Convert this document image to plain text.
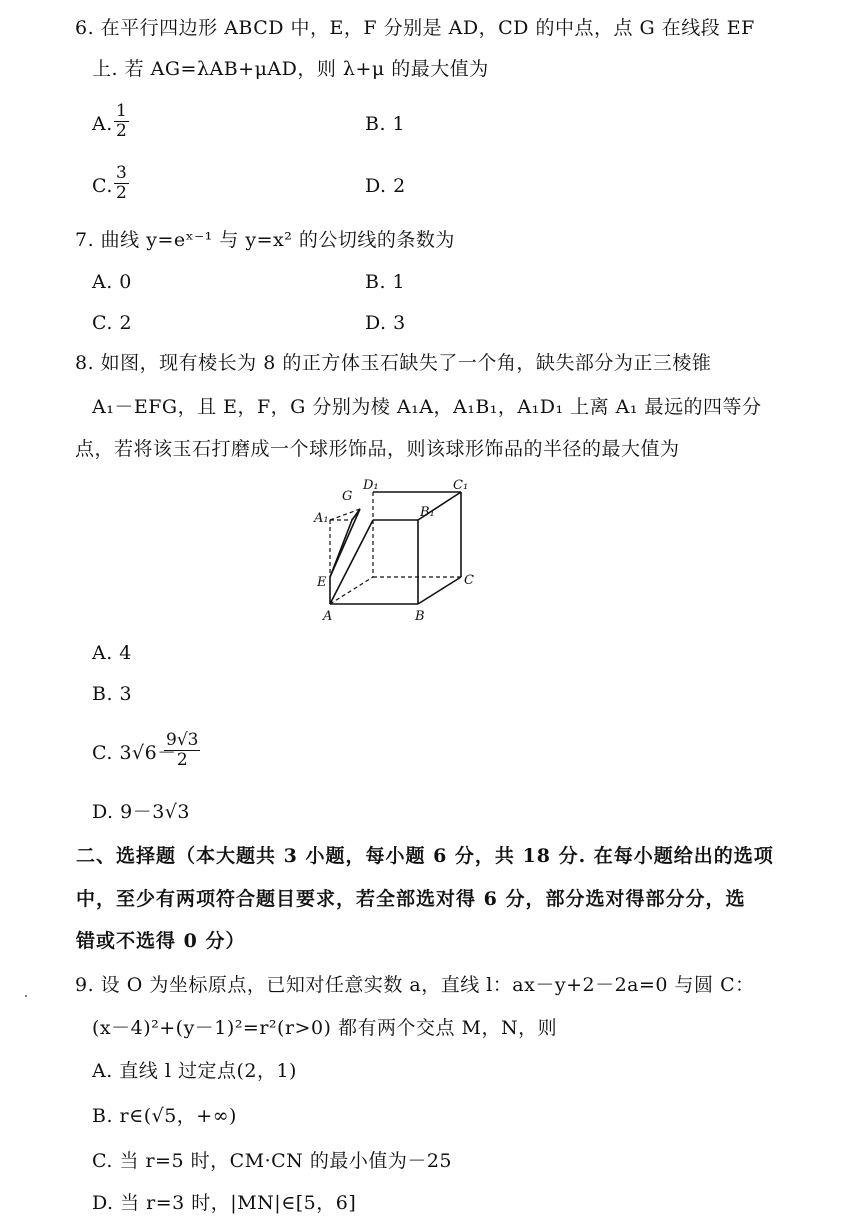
6. 在平行四边形 ABCD 中，E，F 分别是 AD，CD 的中点，点 G 在线段 EF
上. 若 AG=λAB+μAD，则 λ+μ 的最大值为
A. $\frac{1}{2}$	B. 1
C. $\frac{3}{2}$	D. 2
7. 曲线 y=eˣ⁻¹ 与 y=x² 的公切线的条数为
A. 0	B. 1
C. 2	D. 3
8. 如图，现有棱长为 8 的正方体玉石缺失了一个角，缺失部分为正三棱锥
A₁－EFG，且 E，F，G 分别为棱 A₁A，A₁B₁，A₁D₁ 上离 A₁ 最远的四等分
点，若将该玉石打磨成一个球形饰品，则该球形饰品的半径的最大值为
G
D₁	C₁
A₁	B₁
E	C
A	B
A. 4
B. 3
C. 3√6－
$\frac{9√3}{2}$
D. 9－3√3
二、选择题（本大题共 3 小题，每小题 6 分，共 18 分. 在每小题给出的选项
中，至少有两项符合题目要求，若全部选对得 6 分，部分选对得部分分，选
错或不选得 0 分）
9. 设 O 为坐标原点，已知对任意实数 a，直线 l：ax－y+2－2a=0 与圆 C：
(x－4)²+(y－1)²=r²(r>0) 都有两个交点 M，N，则
A. 直线 l 过定点(2，1)
B. r∈(√5，+∞)
C. 当 r=5 时，CM·CN 的最小值为－25
D. 当 r=3 时，|MN|∈[5，6]
